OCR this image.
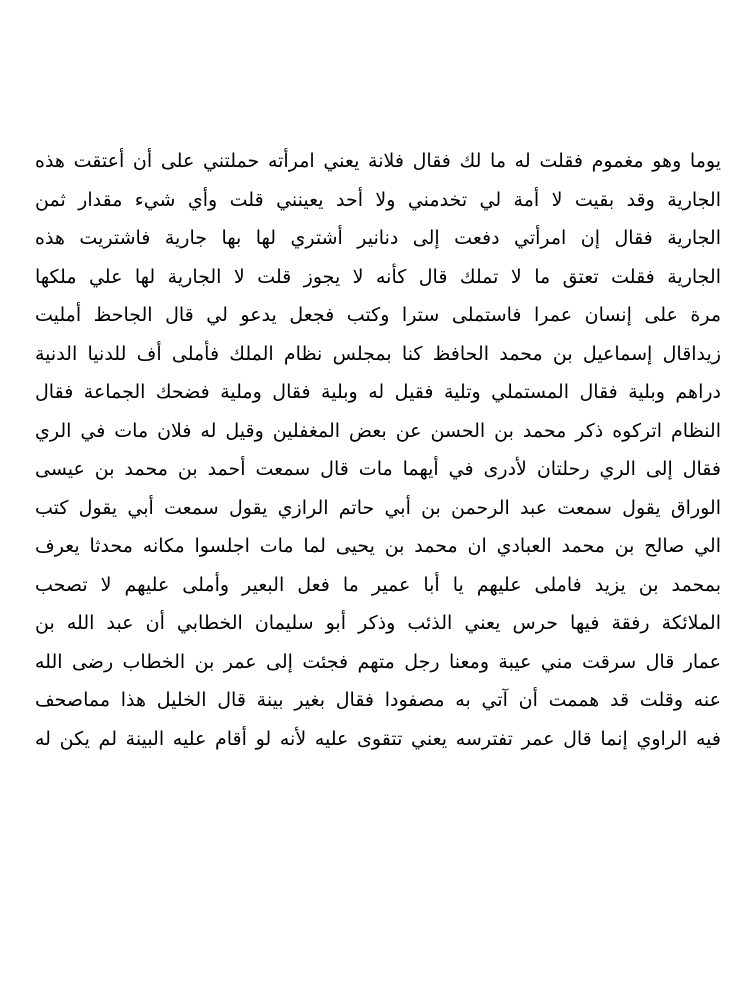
يوما وهو مغموم فقلت له ما لك فقال فلانة يعني امرأته حملتني على أن أعتقت هذه
الجارية وقد بقيت لا أمة لي تخدمني ولا أحد يعينني قلت وأي شيء مقدار ثمن
الجارية فقال إن امرأتي دفعت إلى دنانير أشتري لها بها جارية فاشتريت هذه
الجارية فقلت تعتق ما لا تملك قال كأنه لا يجوز قلت لا الجارية لها علي ملكها
مرة على إنسان عمرا فاستملى سترا وكتب فجعل يدعو لي قال الجاحظ أمليت
زيداقال إسماعيل بن محمد الحافظ كنا بمجلس نظام الملك فأملى أف للدنيا الدنية
دراهم وبلية فقال المستملي وتلية فقيل له وبلية فقال وملية فضحك الجماعة فقال
النظام اتركوه ذكر محمد بن الحسن عن بعض المغفلين وقيل له فلان مات في الري
فقال إلى الري رحلتان لأدرى في أيهما مات قال سمعت أحمد بن محمد بن عيسى
الوراق يقول سمعت عبد الرحمن بن أبي حاتم الرازي يقول سمعت أبي يقول كتب
الي صالح بن محمد العبادي ان محمد بن يحيى لما مات اجلسوا مكانه محدثا يعرف
بمحمد بن يزيد فاملى عليهم يا أبا عمير ما فعل البعير وأملى عليهم لا تصحب
الملائكة رفقة فيها حرس يعني الذئب وذكر أبو سليمان الخطابي أن عبد الله بن
عمار قال سرقت مني عيبة ومعنا رجل متهم فجئت إلى عمر بن الخطاب رضى الله
عنه وقلت قد هممت أن آتي به مصفودا فقال بغير بينة قال الخليل هذا مماصحف
فيه الراوي إنما قال عمر تفترسه يعني تتقوى عليه لأنه لو أقام عليه البينة لم يكن له
